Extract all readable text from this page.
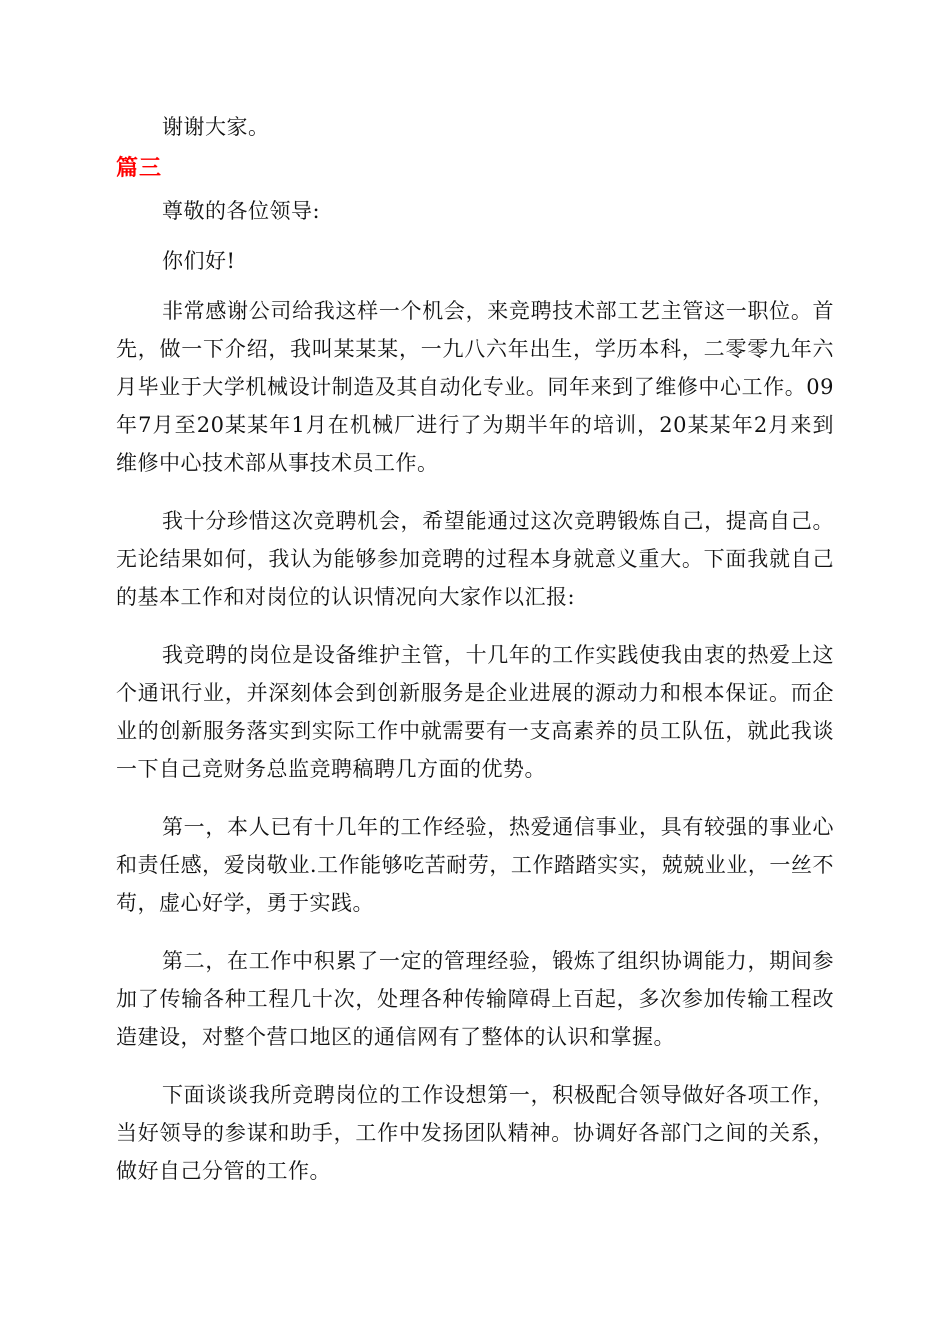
谢谢大家。

篇三

尊敬的各位领导:

你们好!

非常感谢公司给我这样一个机会，来竞聘技术部工艺主管这一职位。首先，做一下介绍，我叫某某某，一九八六年出生，学历本科，二零零九年六月毕业于大学机械设计制造及其自动化专业。同年来到了维修中心工作。09年7月至20某某年1月在机械厂进行了为期半年的培训，20某某年2月来到维修中心技术部从事技术员工作。

我十分珍惜这次竞聘机会，希望能通过这次竞聘锻炼自己，提高自己。无论结果如何，我认为能够参加竞聘的过程本身就意义重大。下面我就自己的基本工作和对岗位的认识情况向大家作以汇报:

我竞聘的岗位是设备维护主管，十几年的工作实践使我由衷的热爱上这个通讯行业，并深刻体会到创新服务是企业进展的源动力和根本保证。而企业的创新服务落实到实际工作中就需要有一支高素养的员工队伍，就此我谈一下自己竞财务总监竞聘稿聘几方面的优势。

第一，本人已有十几年的工作经验，热爱通信事业，具有较强的事业心和责任感，爱岗敬业.工作能够吃苦耐劳，工作踏踏实实，兢兢业业，一丝不苟，虚心好学，勇于实践。

第二，在工作中积累了一定的管理经验，锻炼了组织协调能力，期间参加了传输各种工程几十次，处理各种传输障碍上百起，多次参加传输工程改造建设，对整个营口地区的通信网有了整体的认识和掌握。

下面谈谈我所竞聘岗位的工作设想第一，积极配合领导做好各项工作，当好领导的参谋和助手，工作中发扬团队精神。协调好各部门之间的关系，做好自己分管的工作。
